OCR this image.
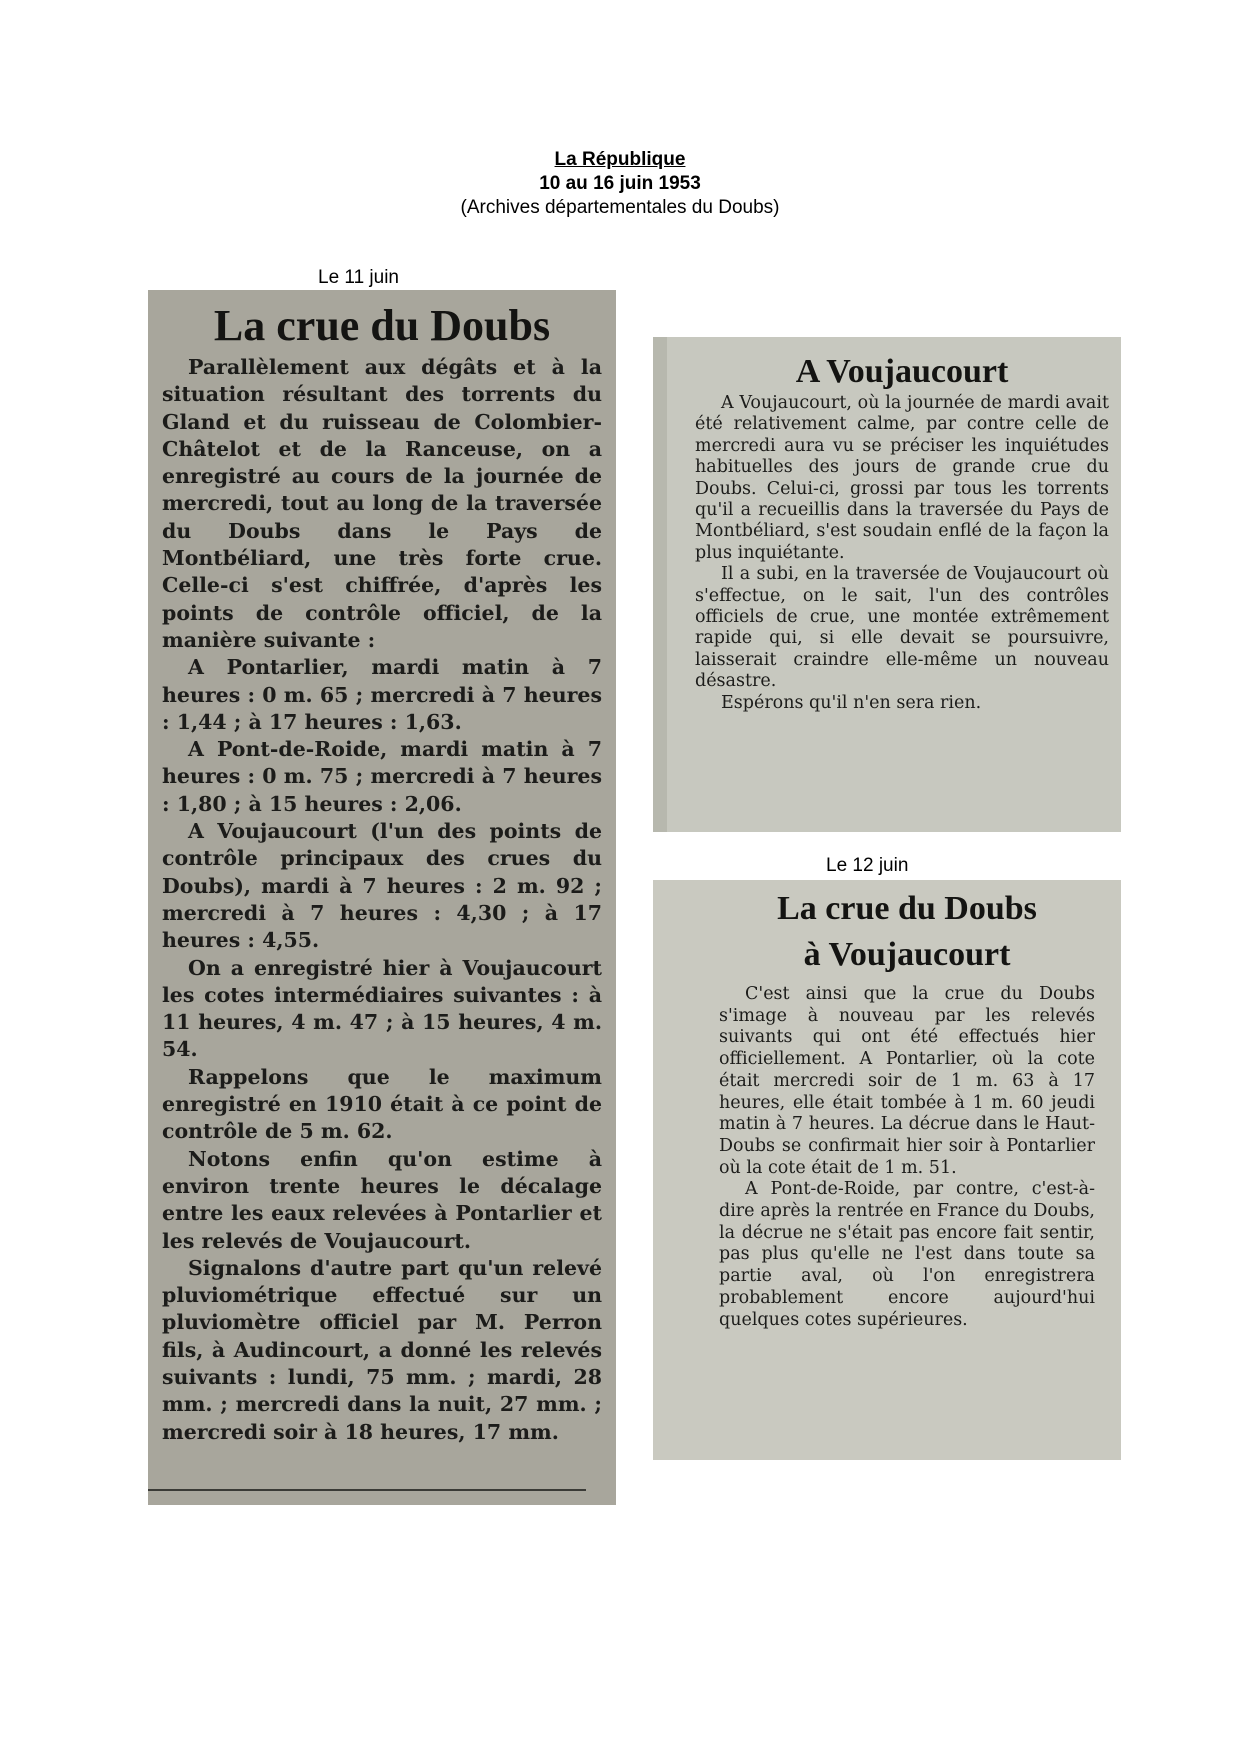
La République
10 au 16 juin 1953
(Archives départementales du Doubs)
Le 11 juin
La crue du Doubs

Parallèlement aux dégâts et à la situation résultant des torrents du Gland et du ruisseau de Colombier-Châtelot et de la Ranceuse, on a enregistré au cours de la journée de mercredi, tout au long de la traversée du Doubs dans le Pays de Montbéliard, une très forte crue. Celle-ci s'est chiffrée, d'après les points de contrôle officiel, de la manière suivante :

A Pontarlier, mardi matin à 7 heures : 0 m. 65 ; mercredi à 7 heures : 1,44 ; à 17 heures : 1,63.

A Pont-de-Roide, mardi matin à 7 heures : 0 m. 75 ; mercredi à 7 heures : 1,80 ; à 15 heures : 2,06.

A Voujaucourt (l'un des points de contrôle principaux des crues du Doubs), mardi à 7 heures : 2 m. 92 ; mercredi à 7 heures : 4,30 ; à 17 heures : 4,55.

On a enregistré hier à Voujaucourt les cotes intermédiaires suivantes : à 11 heures, 4 m. 47 ; à 15 heures, 4 m. 54.

Rappelons que le maximum enregistré en 1910 était à ce point de contrôle de 5 m. 62.

Notons enfin qu'on estime à environ trente heures le décalage entre les eaux relevées à Pontarlier et les relevés de Voujaucourt.

Signalons d'autre part qu'un relevé pluviométrique effectué sur un pluviomètre officiel par M. Perron fils, à Audincourt, a donné les relevés suivants : lundi, 75 mm. ; mardi, 28 mm. ; mercredi dans la nuit, 27 mm. ; mercredi soir à 18 heures, 17 mm.

A Voujaucourt

A Voujaucourt, où la journée de mardi avait été relativement calme, par contre celle de mercredi aura vu se préciser les inquiétudes habituelles des jours de grande crue du Doubs. Celui-ci, grossi par tous les torrents qu'il a recueillis dans la traversée du Pays de Montbéliard, s'est soudain enflé de la façon la plus inquiétante.

Il a subi, en la traversée de Voujaucourt où s'effectue, on le sait, l'un des contrôles officiels de crue, une montée extrêmement rapide qui, si elle devait se poursuivre, laisserait craindre elle-même un nouveau désastre.

Espérons qu'il n'en sera rien.

Le 12 juin
La crue du Doubs
à Voujaucourt

C'est ainsi que la crue du Doubs s'image à nouveau par les relevés suivants qui ont été effectués hier officiellement. A Pontarlier, où la cote était mercredi soir de 1 m. 63 à 17 heures, elle était tombée à 1 m. 60 jeudi matin à 7 heures. La décrue dans le Haut-Doubs se confirmait hier soir à Pontarlier où la cote était de 1 m. 51.

A Pont-de-Roide, par contre, c'est-à-dire après la rentrée en France du Doubs, la décrue ne s'était pas encore fait sentir, pas plus qu'elle ne l'est dans toute sa partie aval, où l'on enregistrera probablement encore aujourd'hui quelques cotes supérieures.
